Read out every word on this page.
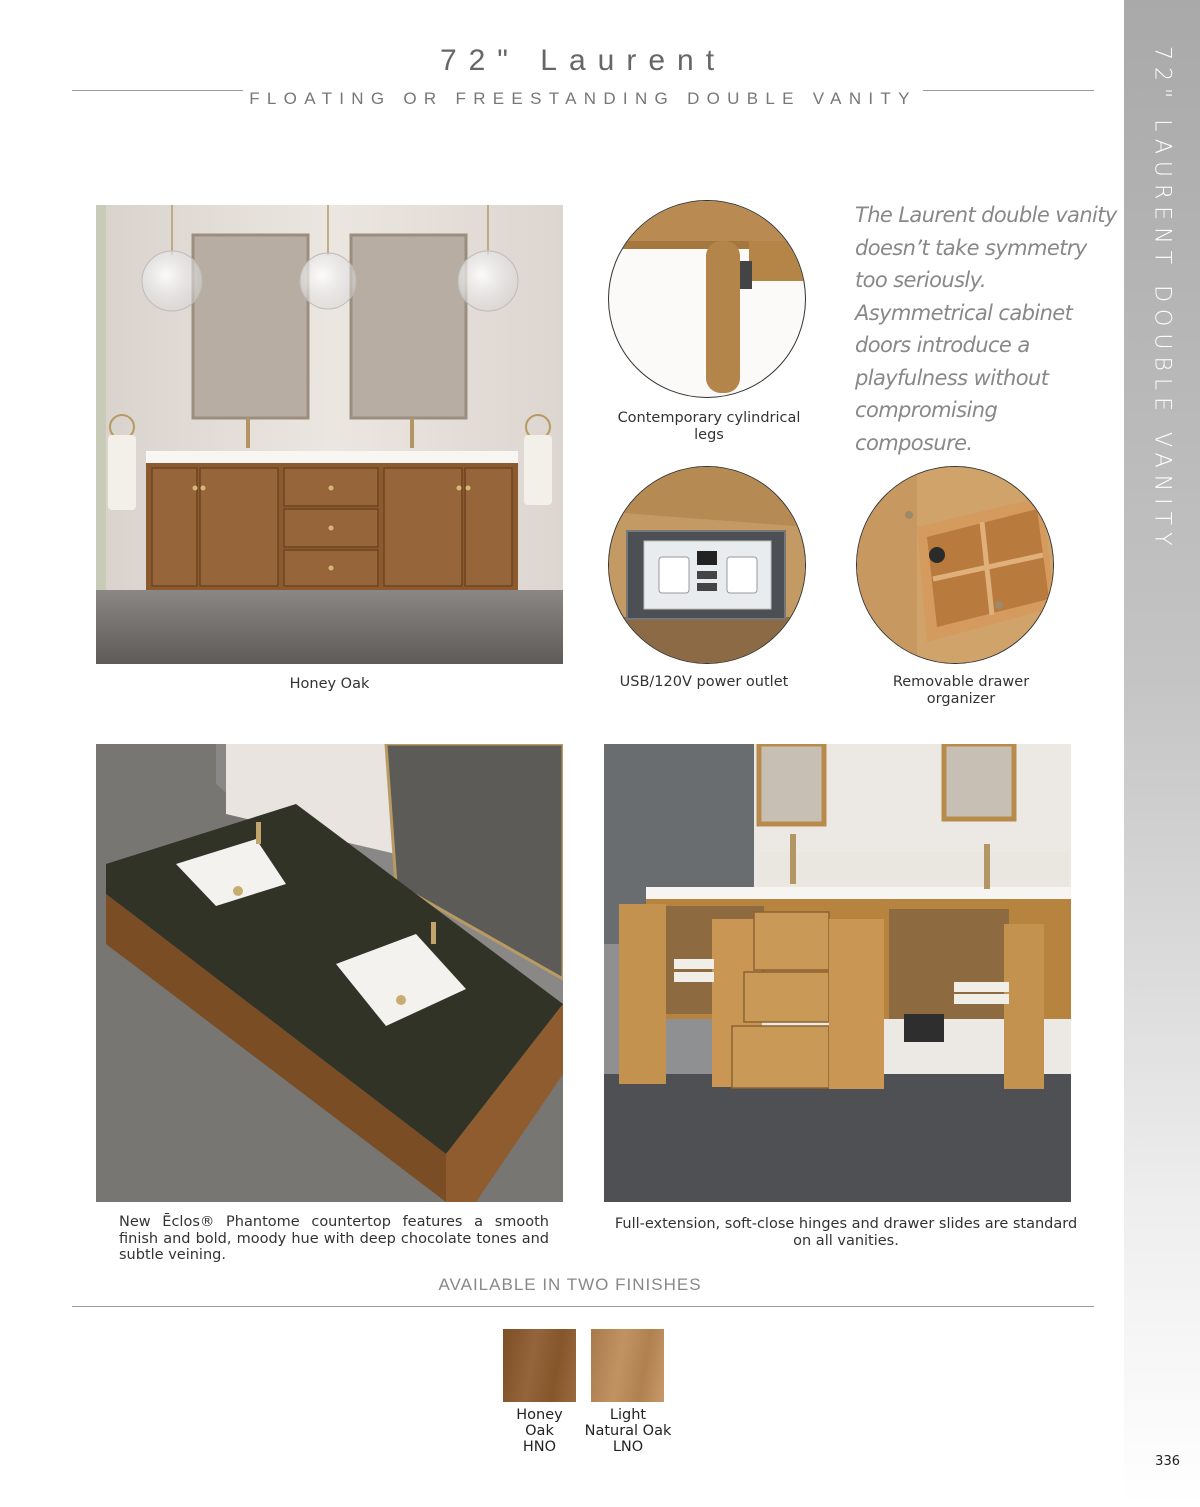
72" LAURENT DOUBLE VANITY
72" Laurent
FLOATING OR FREESTANDING DOUBLE VANITY
Honey Oak
Contemporary cylindrical legs
The Laurent double vanity doesn’t take symmetry too seriously. Asymmetrical cabinet doors introduce a playfulness without compromising composure.
USB/120V power outlet	Removable drawer organizer
New Ēclos® Phantome countertop features a smooth finish and bold, moody hue with deep chocolate tones and subtle veining.
Full-extension, soft-close hinges and drawer slides are standard on all vanities.
AVAILABLE IN TWO FINISHES
Honey
Oak
HNO
Light
Natural Oak
LNO
336
